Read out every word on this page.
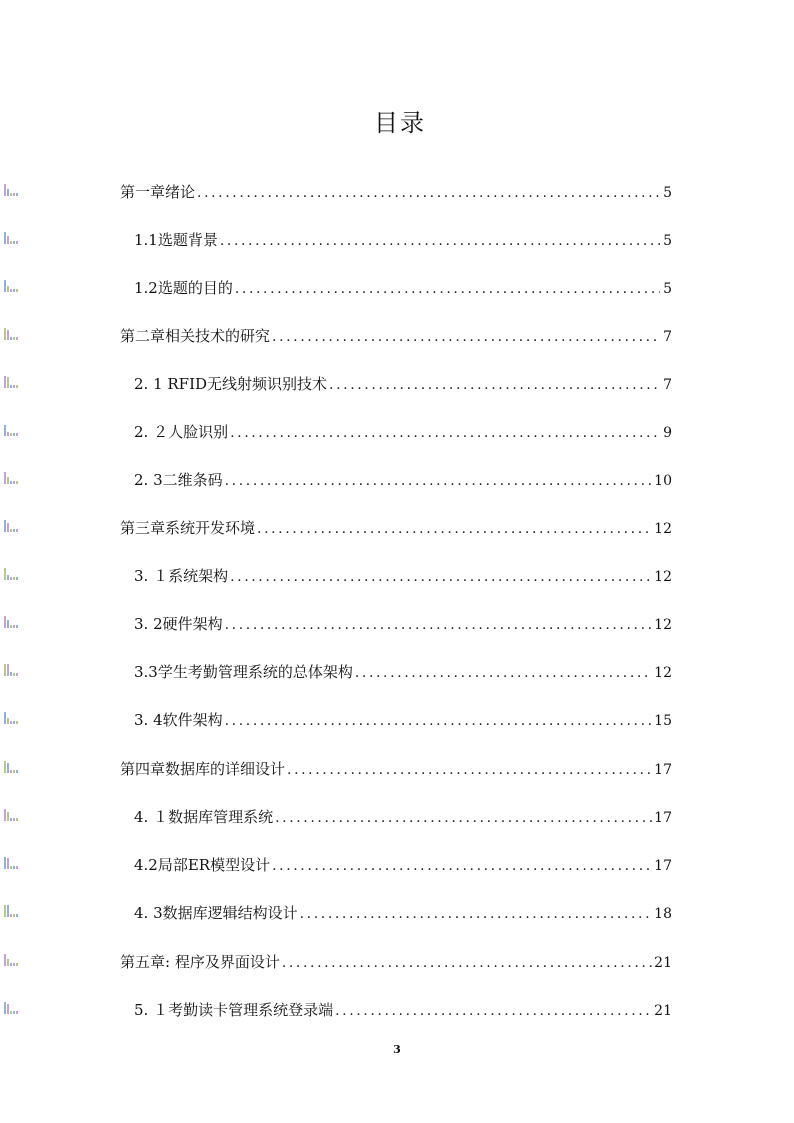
目录
第一章绪论 .....	5
1.1选题背景 .....	5
1.2选题的目的 .....	5
第二章相关技术的研究 .....	7
2. 1 RFID无线射频识别技术 .....	7
2. ２人脸识别 .....	9
2. 3二维条码 .....	10
第三章系统开发环境 .....	12
3. １系统架构 .....	12
3. 2硬件架构 .....	12
3.3学生考勤管理系统的总体架构 .....	12
3. 4软件架构 .....	15
第四章数据库的详细设计 .....	17
4. １数据库管理系统 .....	17
4.2局部ER模型设计 .....	17
4. 3数据库逻辑结构设计 .....	18
第五章: 程序及界面设计 .....	21
5. １考勤读卡管理系统登录端 .....	21
3
